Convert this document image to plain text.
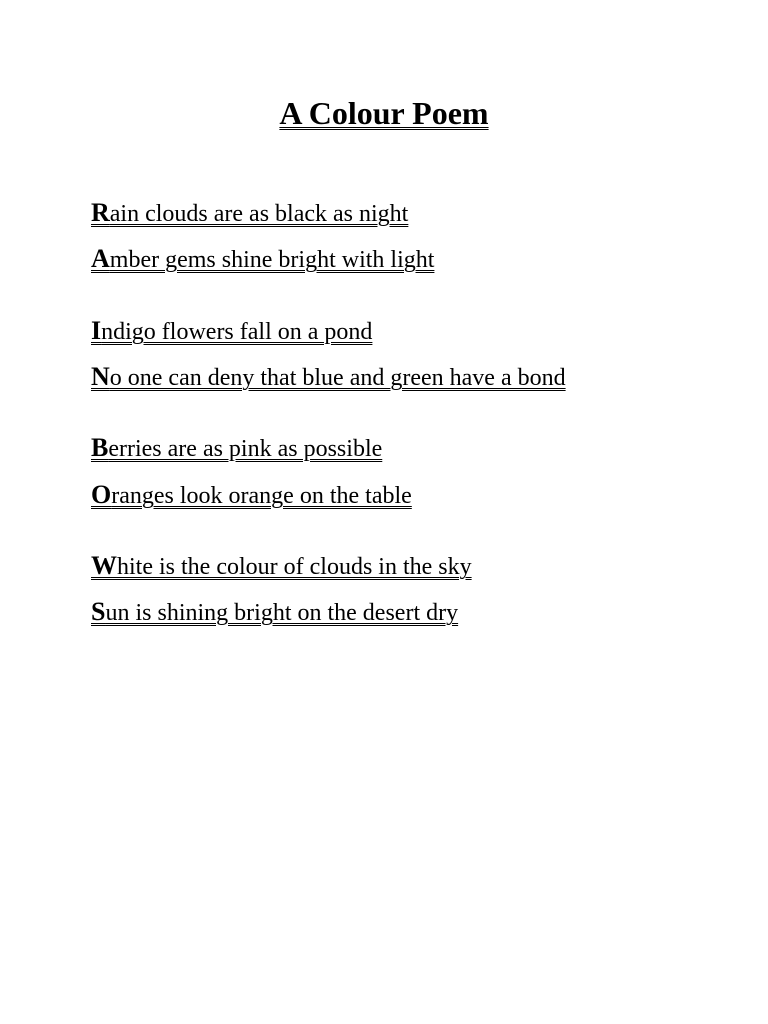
A Colour Poem

Rain clouds are as black as night

Amber gems shine bright with light

Indigo flowers fall on a pond

No one can deny that blue and green have a bond

Berries are as pink as possible

Oranges look orange on the table

White is the colour of clouds in the sky

Sun is shining bright on the desert dry
